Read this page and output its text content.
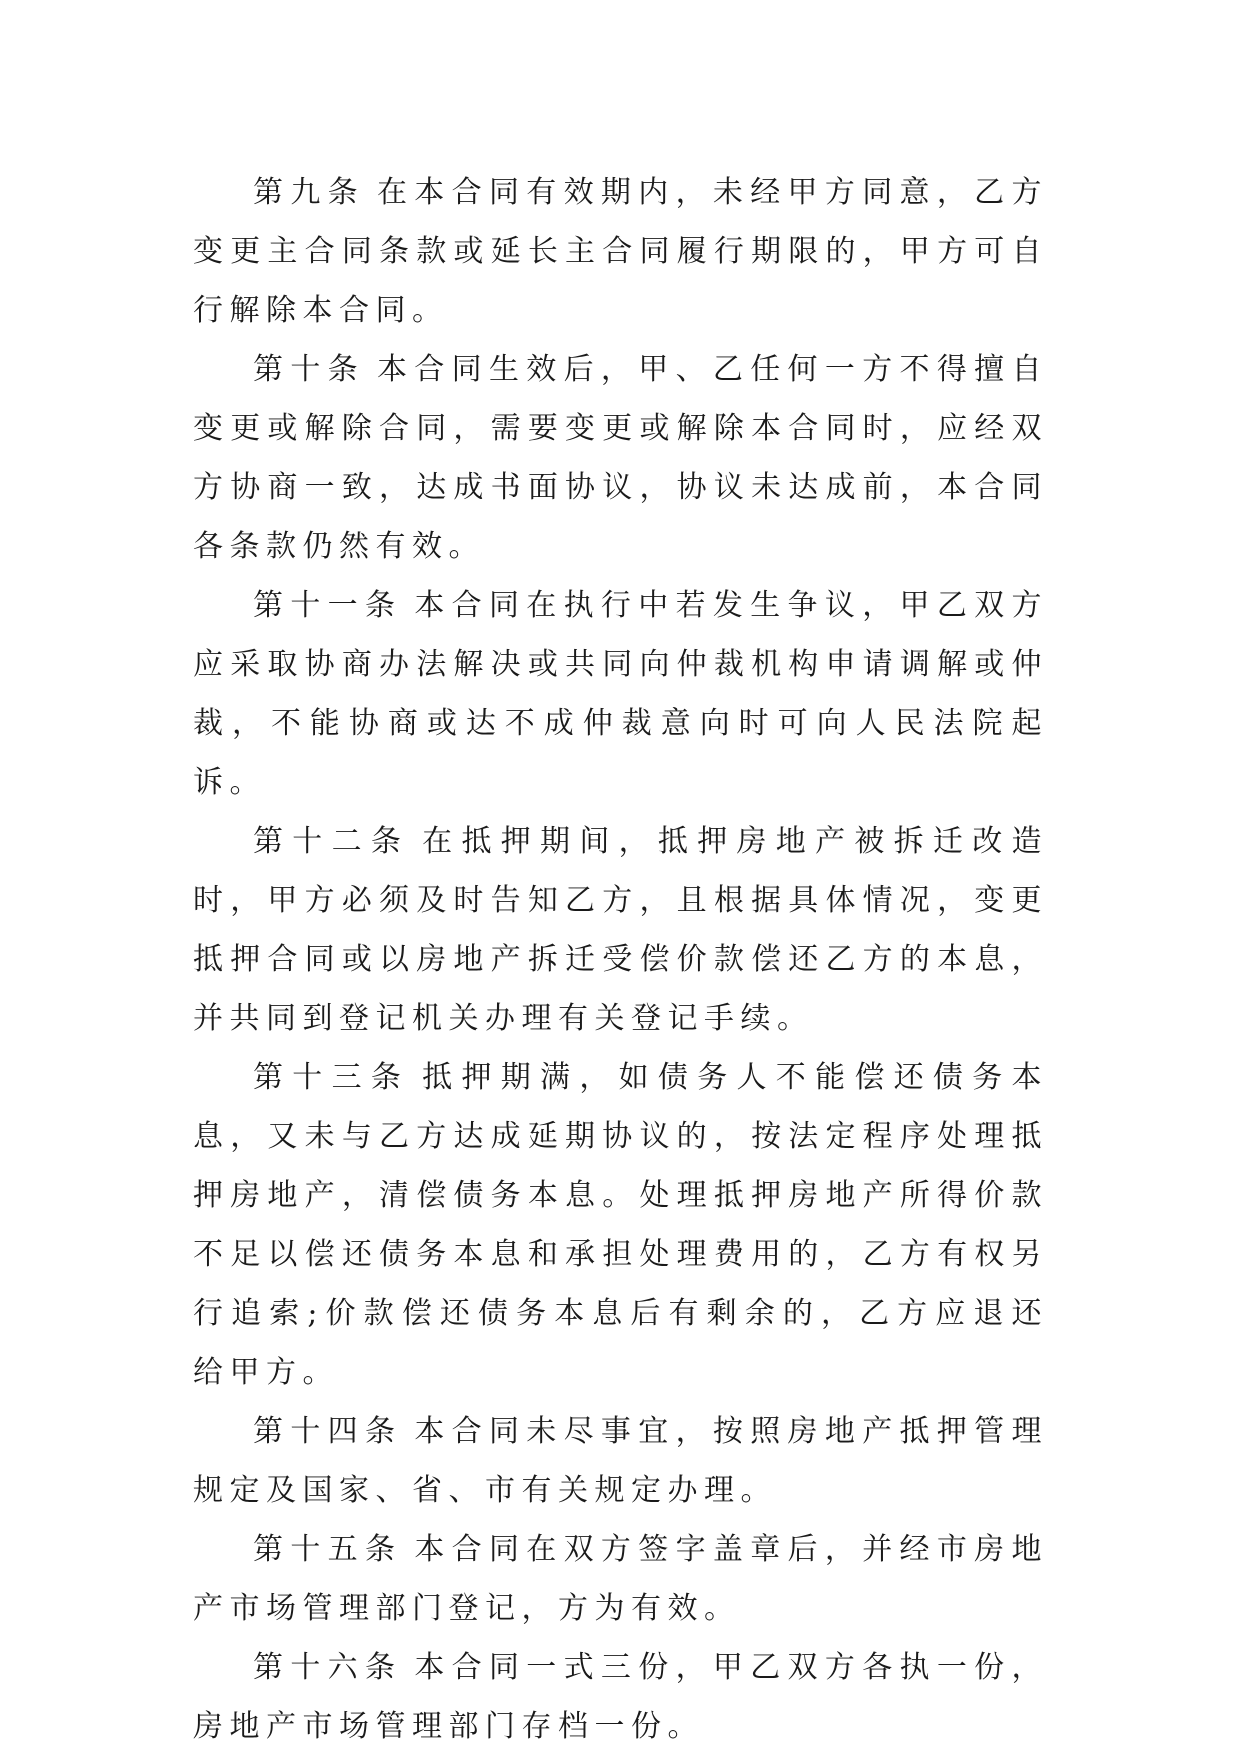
第九条 在本合同有效期内，未经甲方同意，乙方变更主合同条款或延长主合同履行期限的，甲方可自行解除本合同。

第十条 本合同生效后，甲、乙任何一方不得擅自变更或解除合同，需要变更或解除本合同时，应经双方协商一致，达成书面协议，协议未达成前，本合同各条款仍然有效。

第十一条 本合同在执行中若发生争议，甲乙双方应采取协商办法解决或共同向仲裁机构申请调解或仲裁，不能协商或达不成仲裁意向时可向人民法院起诉。

第十二条 在抵押期间，抵押房地产被拆迁改造时，甲方必须及时告知乙方，且根据具体情况，变更抵押合同或以房地产拆迁受偿价款偿还乙方的本息，并共同到登记机关办理有关登记手续。

第十三条 抵押期满，如债务人不能偿还债务本息，又未与乙方达成延期协议的，按法定程序处理抵押房地产，清偿债务本息。处理抵押房地产所得价款不足以偿还债务本息和承担处理费用的，乙方有权另行追索;价款偿还债务本息后有剩余的，乙方应退还给甲方。

第十四条 本合同未尽事宜，按照房地产抵押管理规定及国家、省、市有关规定办理。

第十五条 本合同在双方签字盖章后，并经市房地产市场管理部门登记，方为有效。

第十六条 本合同一式三份，甲乙双方各执一份，房地产市场管理部门存档一份。
